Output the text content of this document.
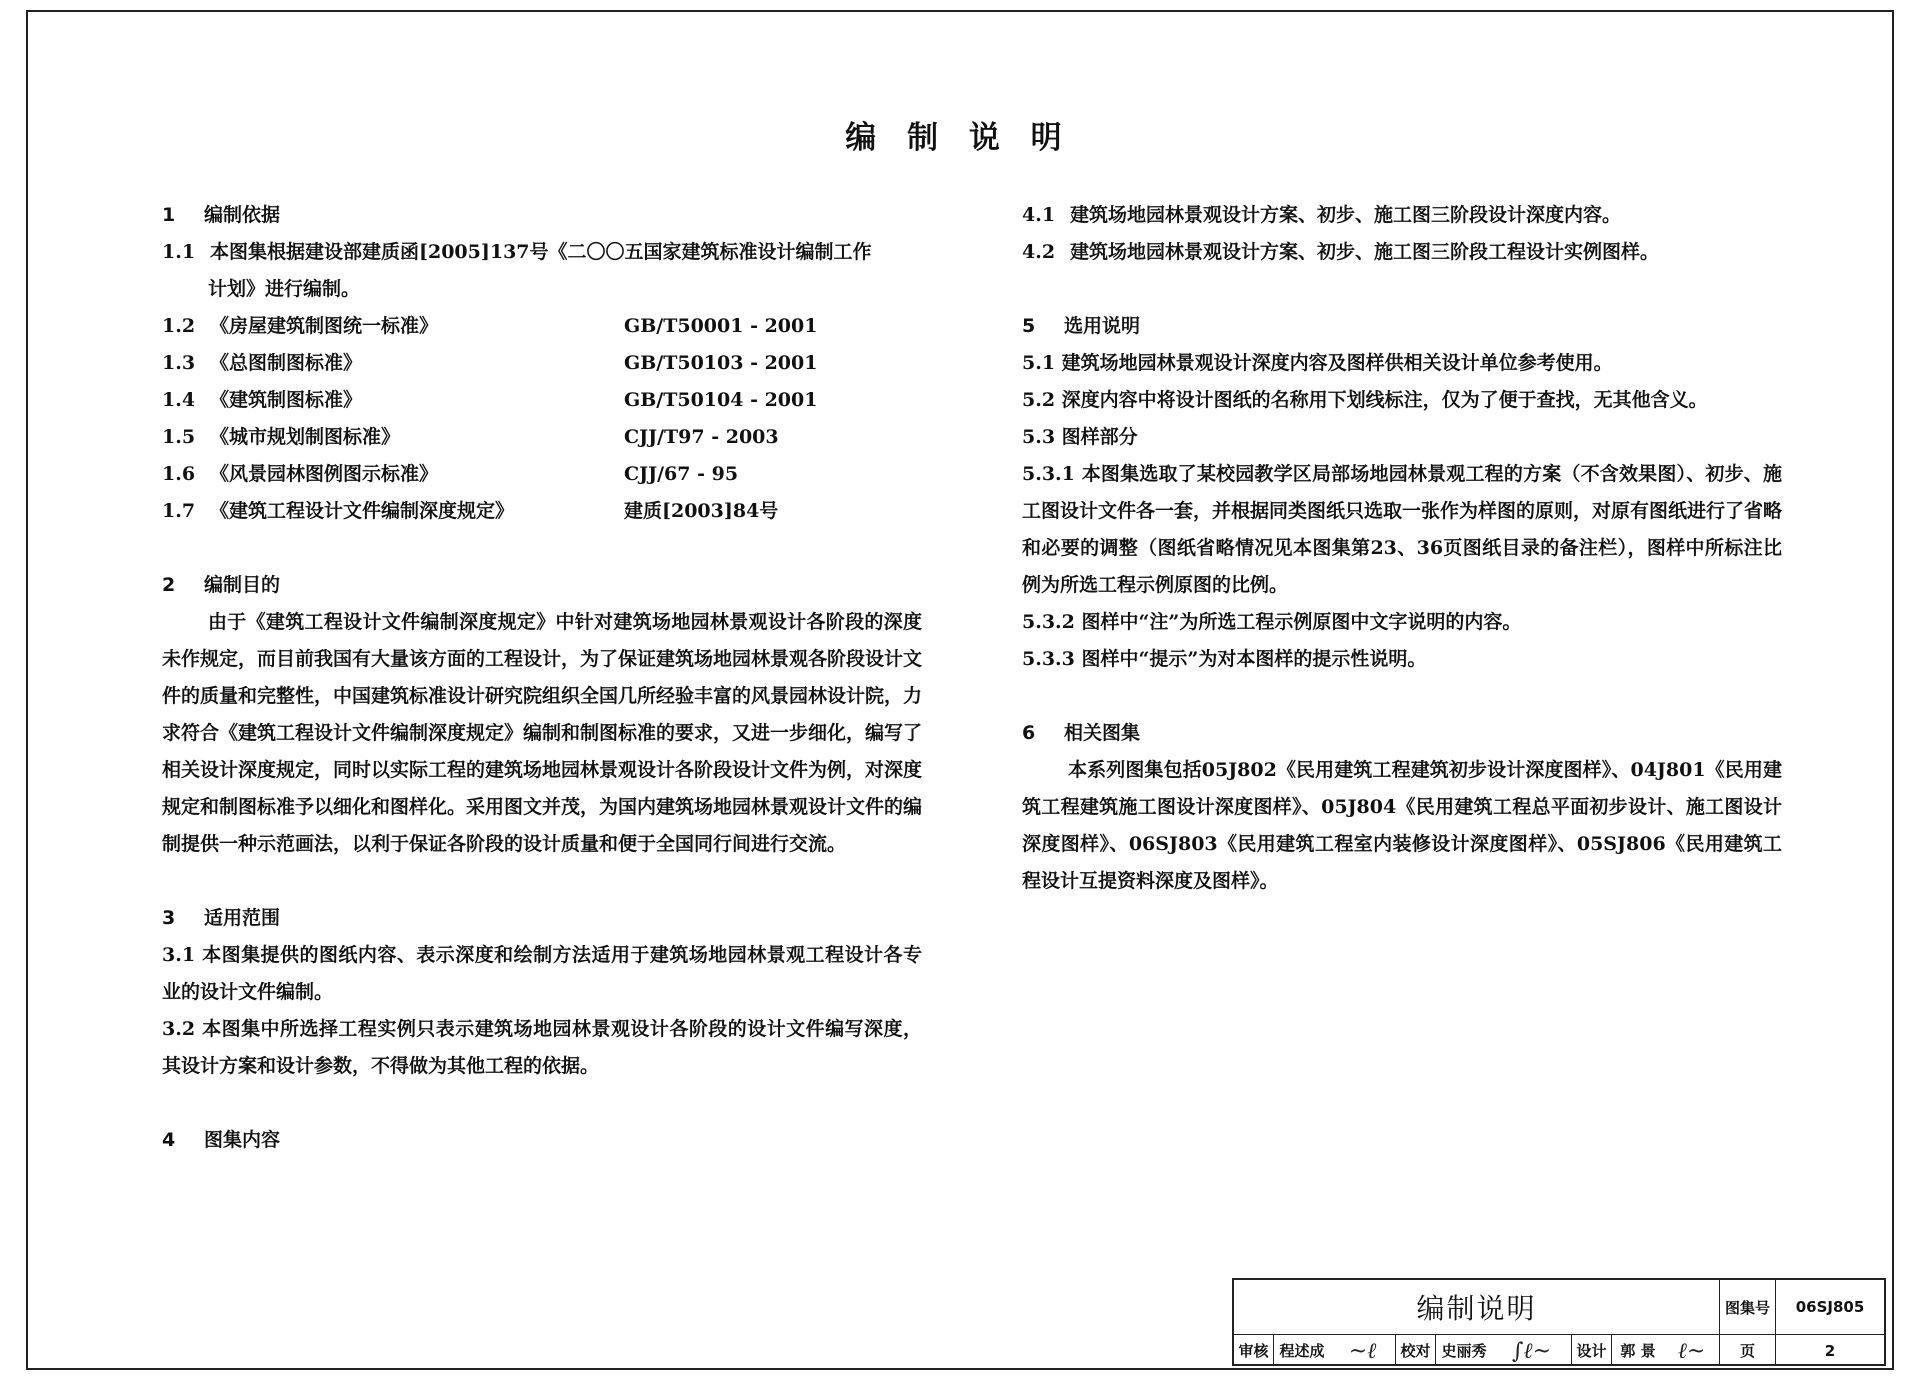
编 制 说 明
1 编制依据
1.1 本图集根据建设部建质函[2005]137号《二〇〇五国家建筑标准设计编制工作
计划》进行编制。
1.2 《房屋建筑制图统一标准》	GB/T50001 - 2001
1.3 《总图制图标准》	GB/T50103 - 2001
1.4 《建筑制图标准》	GB/T50104 - 2001
1.5 《城市规划制图标准》	CJJ/T97 - 2003
1.6 《风景园林图例图示标准》	CJJ/67 - 95
1.7 《建筑工程设计文件编制深度规定》	建质[2003]84号
2 编制目的
由于《建筑工程设计文件编制深度规定》中针对建筑场地园林景观设计各阶段的深度未作规定，而目前我国有大量该方面的工程设计，为了保证建筑场地园林景观各阶段设计文件的质量和完整性，中国建筑标准设计研究院组织全国几所经验丰富的风景园林设计院，力求符合《建筑工程设计文件编制深度规定》编制和制图标准的要求，又进一步细化，编写了相关设计深度规定，同时以实际工程的建筑场地园林景观设计各阶段设计文件为例，对深度规定和制图标准予以细化和图样化。采用图文并茂，为国内建筑场地园林景观设计文件的编制提供一种示范画法，以利于保证各阶段的设计质量和便于全国同行间进行交流。
3 适用范围
3.1 本图集提供的图纸内容、表示深度和绘制方法适用于建筑场地园林景观工程设计各专业的设计文件编制。
3.2 本图集中所选择工程实例只表示建筑场地园林景观设计各阶段的设计文件编写深度，其设计方案和设计参数，不得做为其他工程的依据。
4 图集内容
4.1 建筑场地园林景观设计方案、初步、施工图三阶段设计深度内容。
4.2 建筑场地园林景观设计方案、初步、施工图三阶段工程设计实例图样。
5 选用说明
5.1 建筑场地园林景观设计深度内容及图样供相关设计单位参考使用。
5.2 深度内容中将设计图纸的名称用下划线标注，仅为了便于查找，无其他含义。
5.3 图样部分
5.3.1 本图集选取了某校园教学区局部场地园林景观工程的方案（不含效果图）、初步、施工图设计文件各一套，并根据同类图纸只选取一张作为样图的原则，对原有图纸进行了省略和必要的调整（图纸省略情况见本图集第23、36页图纸目录的备注栏），图样中所标注比例为所选工程示例原图的比例。
5.3.2 图样中“注”为所选工程示例原图中文字说明的内容。
5.3.3 图样中“提示”为对本图样的提示性说明。
6 相关图集
本系列图集包括05J802《民用建筑工程建筑初步设计深度图样》、04J801《民用建筑工程建筑施工图设计深度图样》、05J804《民用建筑工程总平面初步设计、施工图设计深度图样》、06SJ803《民用建筑工程室内装修设计深度图样》、05SJ806《民用建筑工程设计互提资料深度及图样》。
编制说明	图集号	06SJ805
审核 程述成 ~ℓ 校对 史丽秀 ∫ℓ~ 设计 郭 景	ℓ~	页	2
